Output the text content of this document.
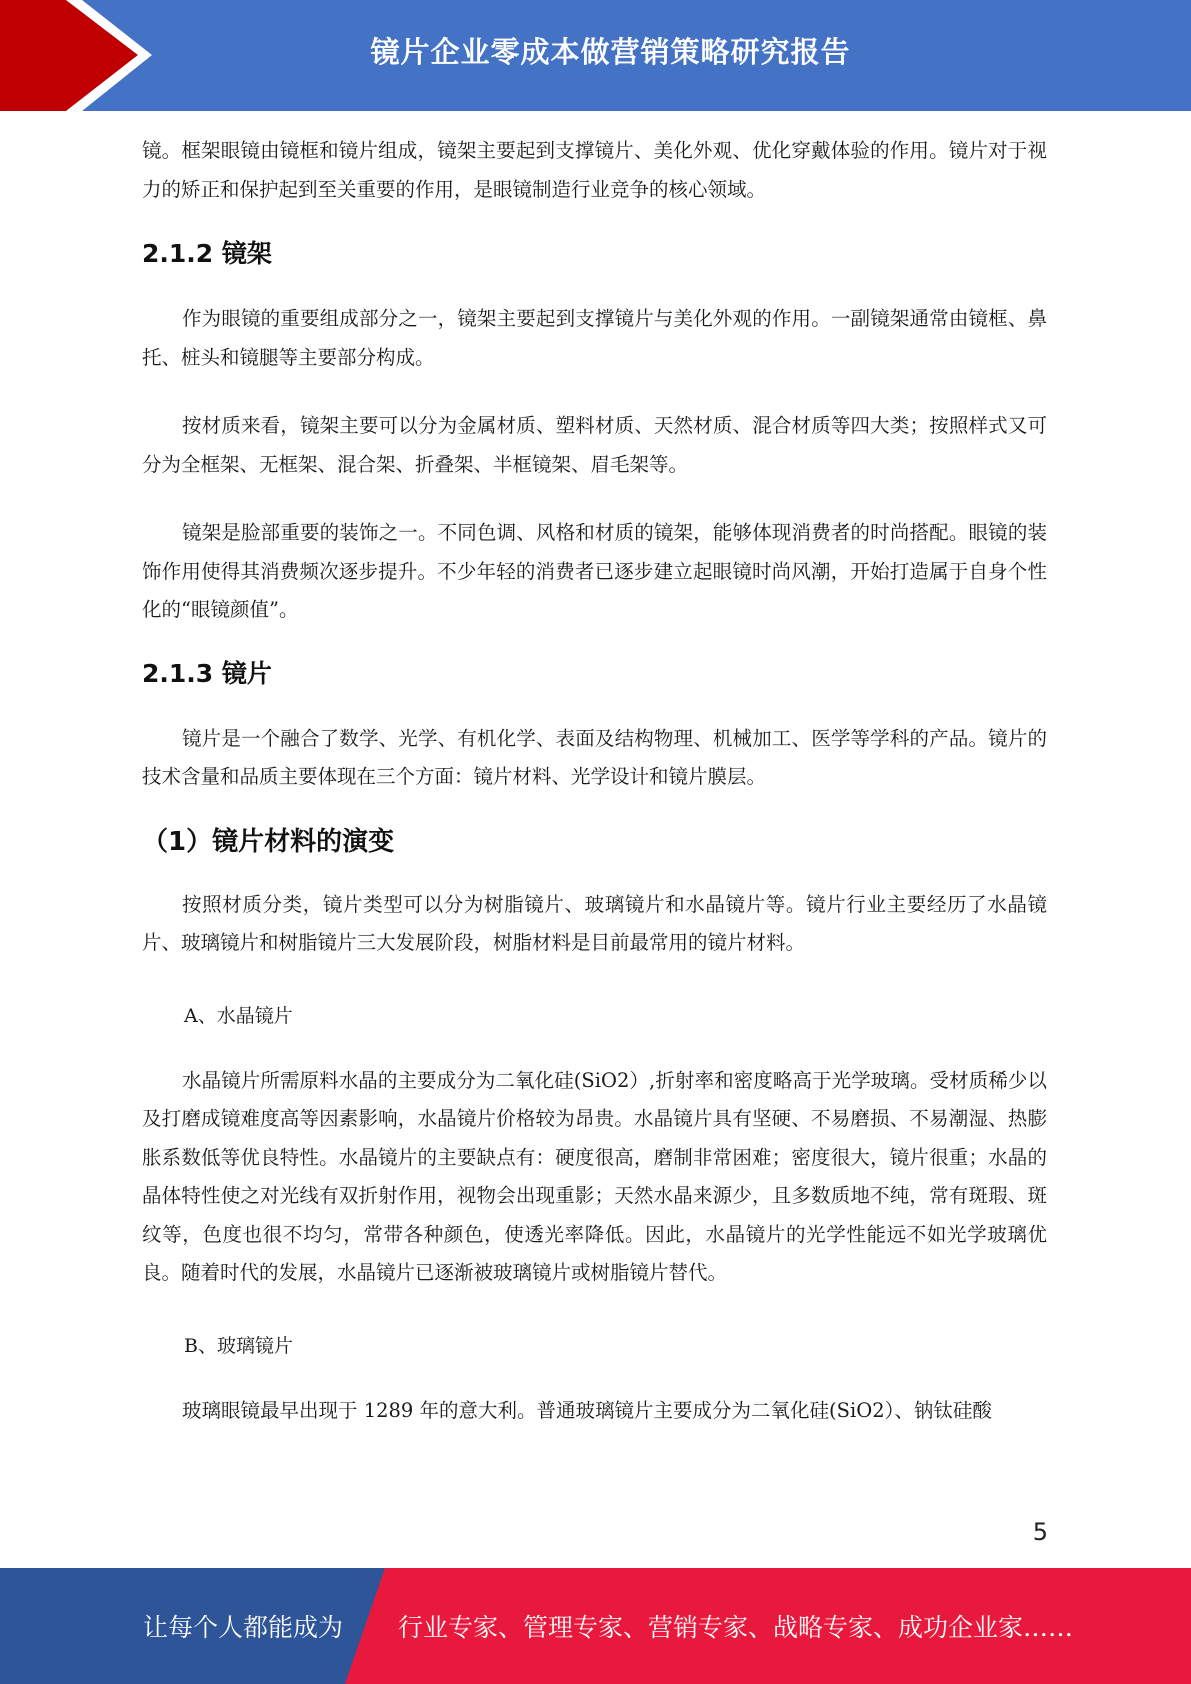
镜片企业零成本做营销策略研究报告

镜。框架眼镜由镜框和镜片组成，镜架主要起到支撑镜片、美化外观、优化穿戴体验的作用。镜片对于视力的矫正和保护起到至关重要的作用，是眼镜制造行业竞争的核心领域。

2.1.2 镜架

作为眼镜的重要组成部分之一，镜架主要起到支撑镜片与美化外观的作用。一副镜架通常由镜框、鼻托、桩头和镜腿等主要部分构成。

按材质来看，镜架主要可以分为金属材质、塑料材质、天然材质、混合材质等四大类；按照样式又可分为全框架、无框架、混合架、折叠架、半框镜架、眉毛架等。

镜架是脸部重要的装饰之一。不同色调、风格和材质的镜架，能够体现消费者的时尚搭配。眼镜的装饰作用使得其消费频次逐步提升。不少年轻的消费者已逐步建立起眼镜时尚风潮，开始打造属于自身个性化的“眼镜颜值”。

2.1.3 镜片

镜片是一个融合了数学、光学、有机化学、表面及结构物理、机械加工、医学等学科的产品。镜片的技术含量和品质主要体现在三个方面：镜片材料、光学设计和镜片膜层。

（1）镜片材料的演变

按照材质分类，镜片类型可以分为树脂镜片、玻璃镜片和水晶镜片等。镜片行业主要经历了水晶镜片、玻璃镜片和树脂镜片三大发展阶段，树脂材料是目前最常用的镜片材料。

A、水晶镜片

水晶镜片所需原料水晶的主要成分为二氧化硅(SiO2）,折射率和密度略高于光学玻璃。受材质稀少以及打磨成镜难度高等因素影响，水晶镜片价格较为昂贵。水晶镜片具有坚硬、不易磨损、不易潮湿、热膨胀系数低等优良特性。水晶镜片的主要缺点有：硬度很高，磨制非常困难；密度很大，镜片很重；水晶的晶体特性使之对光线有双折射作用，视物会出现重影；天然水晶来源少，且多数质地不纯，常有斑瑕、斑纹等，色度也很不均匀，常带各种颜色，使透光率降低。因此，水晶镜片的光学性能远不如光学玻璃优良。随着时代的发展，水晶镜片已逐渐被玻璃镜片或树脂镜片替代。

B、玻璃镜片

玻璃眼镜最早出现于 1289 年的意大利。普通玻璃镜片主要成分为二氧化硅(SiO2）、钠钛硅酸

5
让每个人都能成为 行业专家、管理专家、营销专家、战略专家、成功企业家……
